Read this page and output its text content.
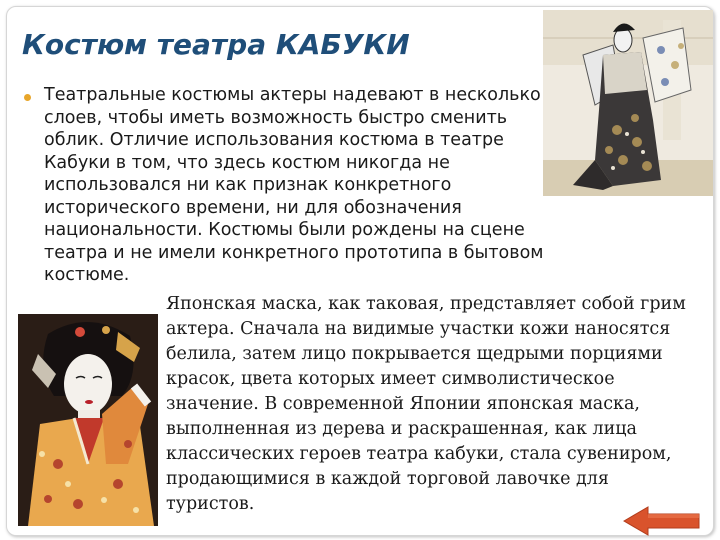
Костюм театра КАБУКИ
Театральные костюмы актеры надевают в несколько слоев, чтобы иметь возможность быстро сменить облик. Отличие использования костюма в театре Кабуки в том, что здесь костюм никогда не использовался ни как признак конкретного исторического времени, ни для обозначения национальности. Костюмы были рождены на сцене театра и не имели конкретного прототипа в бытовом костюме.
Японская маска, как таковая, представляет собой грим актера. Сначала на видимые участки кожи наносятся белила, затем лицо покрывается щедрыми порциями красок, цвета которых имеет символистическое значение. В современной Японии японская маска, выполненная из дерева и раскрашенная, как лица классических героев театра кабуки, стала сувениром, продающимися в каждой торговой лавочке для туристов.
